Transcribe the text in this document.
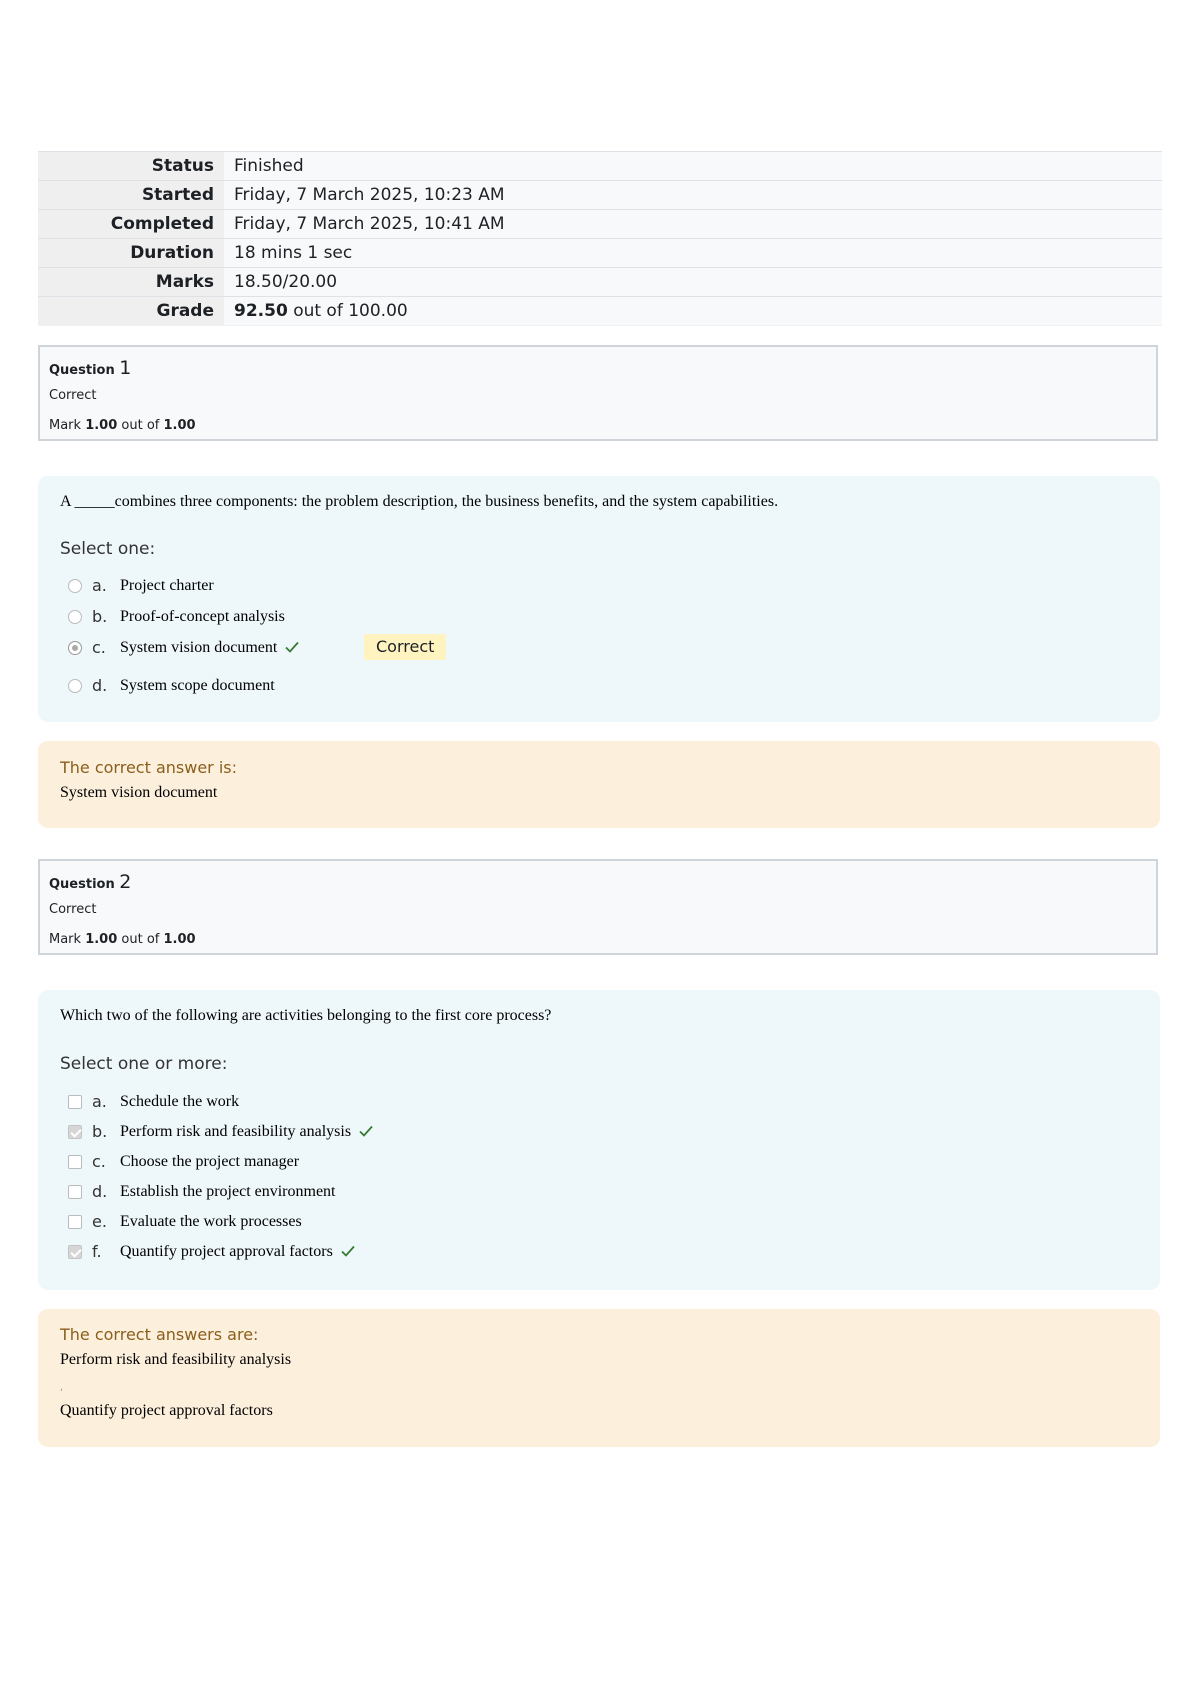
Status	Finished
Started	Friday, 7 March 2025, 10:23 AM
Completed	Friday, 7 March 2025, 10:41 AM
Duration	18 mins 1 sec
Marks	18.50/20.00
Grade	92.50 out of 100.00
Question 1
Correct
Mark 1.00 out of 1.00
A _____combines three components: the problem description, the business benefits, and the system capabilities.
Select one:
a. Project charter
b. Proof-of-concept analysis
c. System vision document	Correct
d. System scope document
The correct answer is:
System vision document
Question 2
Correct
Mark 1.00 out of 1.00
Which two of the following are activities belonging to the first core process?
Select one or more:
a. Schedule the work
b. Perform risk and feasibility analysis
c. Choose the project manager
d. Establish the project environment
e. Evaluate the work processes
f. Quantify project approval factors
The correct answers are:
Perform risk and feasibility analysis
,
Quantify project approval factors
